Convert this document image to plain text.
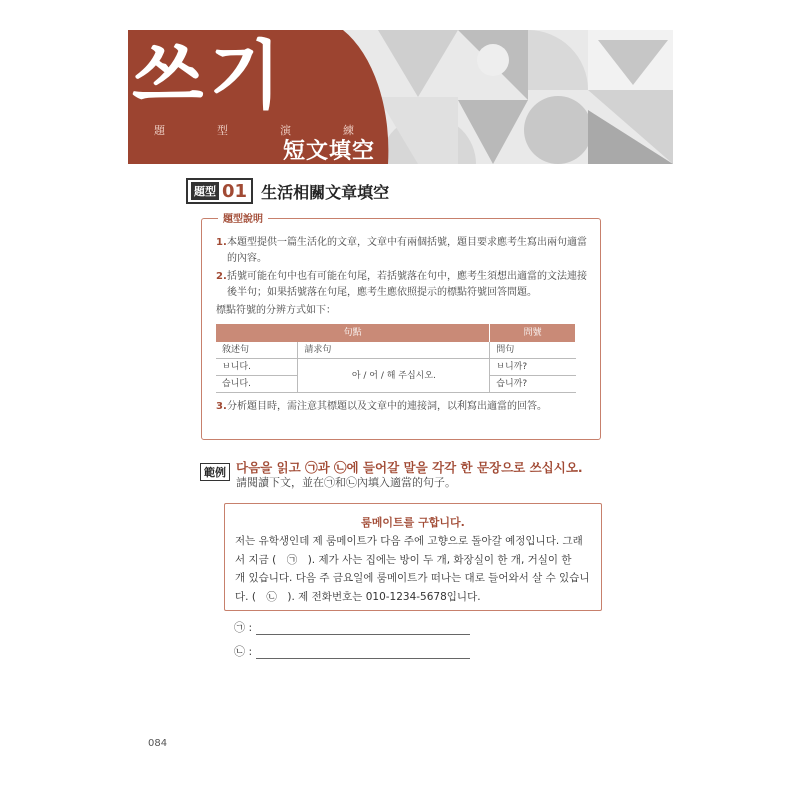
쓰기
題	型	演	練
短文填空
題型 01 生活相關文章填空
題型說明
1. 本題型提供一篇生活化的文章，文章中有兩個括號，題目要求應考生寫出兩句適當的內容。
2. 括號可能在句中也有可能在句尾，若括號落在句中，應考生須想出適當的文法連接後半句；如果括號落在句尾，應考生應依照提示的標點符號回答問題。
標點符號的分辨方式如下：
句點		問號
敘述句	請求句	問句
ㅂ니다.	아 / 어 / 해 주십시오.	ㅂ니까?
습니다.		습니까?
3. 分析題目時，需注意其標題以及文章中的連接詞，以利寫出適當的回答。
範例 다음을 읽고 ㉠과 ㉡에 들어갈 말을 각각 한 문장으로 쓰십시오.
請閱讀下文，並在㉠和㉡內填入適當的句子。
룸메이트를 구합니다.
저는 유학생인데 제 룸메이트가 다음 주에 고향으로 돌아갈 예정입니다. 그래
서 지금 (　㉠　). 제가 사는 집에는 방이 두 개, 화장실이 한 개, 거실이 한
개 있습니다. 다음 주 금요일에 룸메이트가 떠나는 대로 들어와서 살 수 있습니
다. (　㉡　). 제 전화번호는 010-1234-5678입니다.
㉠ :
㉡ :
084
